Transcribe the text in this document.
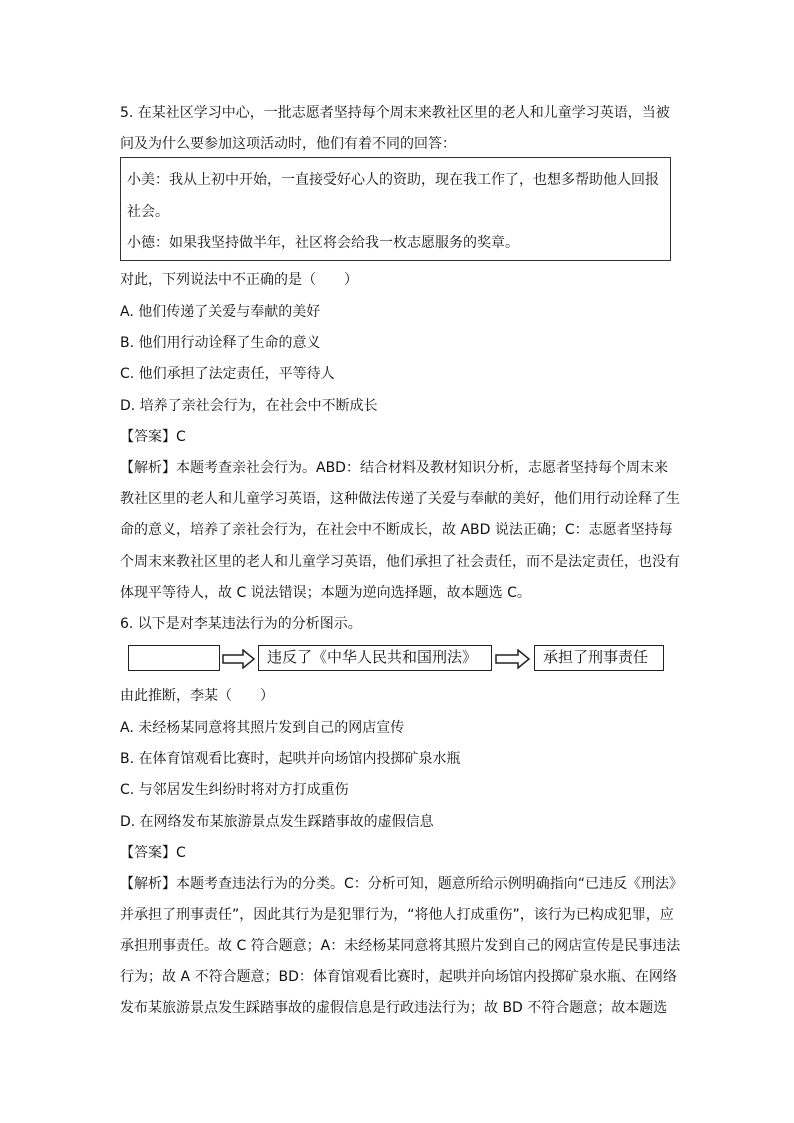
5. 在某社区学习中心，一批志愿者坚持每个周末来教社区里的老人和儿童学习英语，当被
问及为什么要参加这项活动时，他们有着不同的回答：
小美：我从上初中开始，一直接受好心人的资助，现在我工作了，也想多帮助他人回报
社会。
小德：如果我坚持做半年，社区将会给我一枚志愿服务的奖章。
对此，下列说法中不正确的是（　　）
A. 他们传递了关爱与奉献的美好
B. 他们用行动诠释了生命的意义
C. 他们承担了法定责任，平等待人
D. 培养了亲社会行为，在社会中不断成长
【答案】C
【解析】本题考查亲社会行为。ABD：结合材料及教材知识分析，志愿者坚持每个周末来
教社区里的老人和儿童学习英语，这种做法传递了关爱与奉献的美好，他们用行动诠释了生
命的意义，培养了亲社会行为，在社会中不断成长，故 ABD 说法正确；C：志愿者坚持每
个周末来教社区里的老人和儿童学习英语，他们承担了社会责任，而不是法定责任，也没有
体现平等待人，故 C 说法错误；本题为逆向选择题，故本题选 C。
6. 以下是对李某违法行为的分析图示。
违反了《中华人民共和国刑法》	承担了刑事责任
由此推断，李某（　　）
A. 未经杨某同意将其照片发到自己的网店宣传
B. 在体育馆观看比赛时，起哄并向场馆内投掷矿泉水瓶
C. 与邻居发生纠纷时将对方打成重伤
D. 在网络发布某旅游景点发生踩踏事故的虚假信息
【答案】C
【解析】本题考查违法行为的分类。C：分析可知，题意所给示例明确指向“已违反《刑法》
并承担了刑事责任”，因此其行为是犯罪行为，“将他人打成重伤”，该行为已构成犯罪，应
承担刑事责任。故 C 符合题意；A：未经杨某同意将其照片发到自己的网店宣传是民事违法
行为；故 A 不符合题意；BD：体育馆观看比赛时，起哄并向场馆内投掷矿泉水瓶、在网络
发布某旅游景点发生踩踏事故的虚假信息是行政违法行为；故 BD 不符合题意；故本题选
